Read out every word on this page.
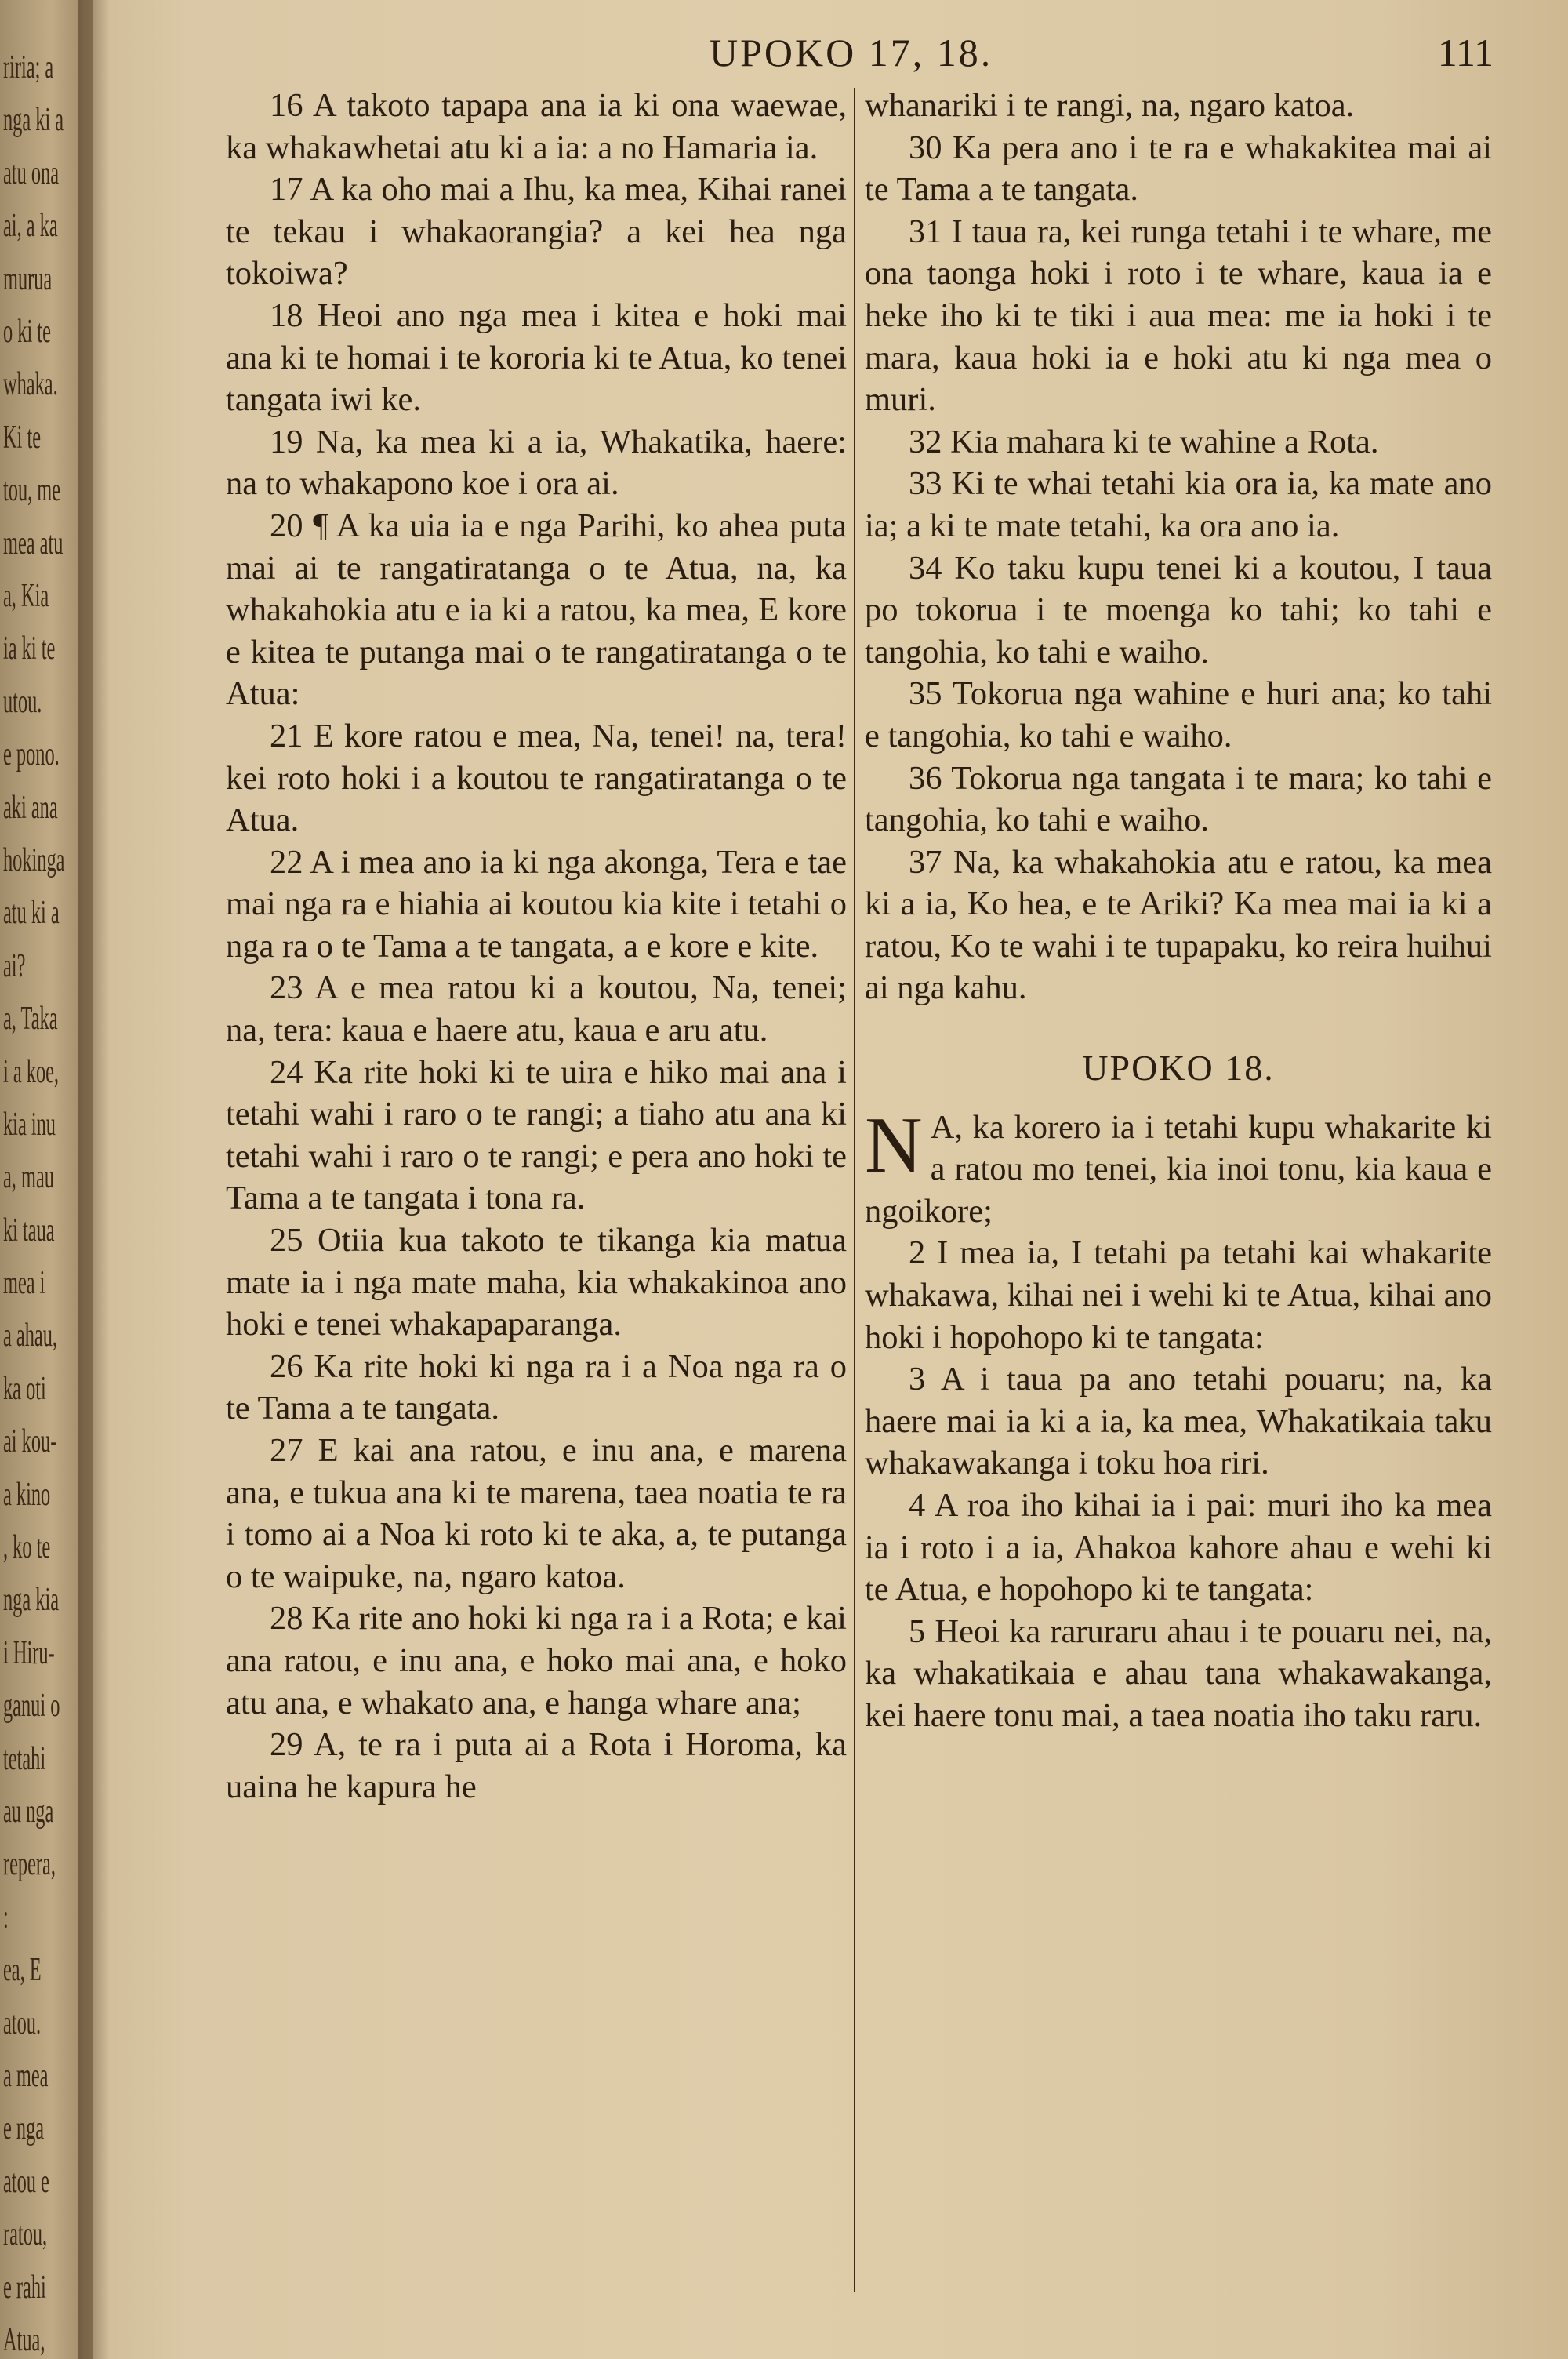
riria; a
nga ki a
atu ona
ai, a ka
murua
o ki te
whaka.
Ki te
tou, me
mea atu
a, Kia
ia ki te
utou.
e pono.
aki ana
hokinga
atu ki a
ai?
a, Taka
i a koe,
kia inu
a, mau
ki taua
mea i
a ahau,
ka oti
ai kou-
a kino
, ko te
nga kia
i Hiru-
ganui o
tetahi
au nga
repera,
:
ea, E
atou.
a mea
e nga
atou e
ratou,
e rahi
Atua,
UPOKO 17, 18.	111

16 A takoto tapapa ana ia ki ona waewae, ka whakawhetai atu ki a ia: a no Hamaria ia.

17 A ka oho mai a Ihu, ka mea, Kihai ranei te tekau i whakaorangia? a kei hea nga tokoiwa?

18 Heoi ano nga mea i kitea e hoki mai ana ki te homai i te kororia ki te Atua, ko tenei tangata iwi ke.

19 Na, ka mea ki a ia, Whakatika, haere: na to whakapono koe i ora ai.

20 ¶ A ka uia ia e nga Parihi, ko ahea puta mai ai te rangatiratanga o te Atua, na, ka whakahokia atu e ia ki a ratou, ka mea, E kore e kitea te putanga mai o te rangatiratanga o te Atua:

21 E kore ratou e mea, Na, tenei! na, tera! kei roto hoki i a koutou te rangatiratanga o te Atua.

22 A i mea ano ia ki nga akonga, Tera e tae mai nga ra e hiahia ai koutou kia kite i tetahi o nga ra o te Tama a te tangata, a e kore e kite.

23 A e mea ratou ki a koutou, Na, tenei; na, tera: kaua e haere atu, kaua e aru atu.

24 Ka rite hoki ki te uira e hiko mai ana i tetahi wahi i raro o te rangi; a tiaho atu ana ki tetahi wahi i raro o te rangi; e pera ano hoki te Tama a te tangata i tona ra.

25 Otiia kua takoto te tikanga kia matua mate ia i nga mate maha, kia whakakinoa ano hoki e tenei whakapaparanga.

26 Ka rite hoki ki nga ra i a Noa nga ra o te Tama a te tangata.

27 E kai ana ratou, e inu ana, e marena ana, e tukua ana ki te marena, taea noatia te ra i tomo ai a Noa ki roto ki te aka, a, te putanga o te waipuke, na, ngaro katoa.

28 Ka rite ano hoki ki nga ra i a Rota; e kai ana ratou, e inu ana, e hoko mai ana, e hoko atu ana, e whakato ana, e hanga whare ana;

29 A, te ra i puta ai a Rota i Horoma, ka uaina he kapura he

whanariki i te rangi, na, ngaro katoa.

30 Ka pera ano i te ra e whakakitea mai ai te Tama a te tangata.

31 I taua ra, kei runga tetahi i te whare, me ona taonga hoki i roto i te whare, kaua ia e heke iho ki te tiki i aua mea: me ia hoki i te mara, kaua hoki ia e hoki atu ki nga mea o muri.

32 Kia mahara ki te wahine a Rota.

33 Ki te whai tetahi kia ora ia, ka mate ano ia; a ki te mate tetahi, ka ora ano ia.

34 Ko taku kupu tenei ki a koutou, I taua po tokorua i te moenga ko tahi; ko tahi e tangohia, ko tahi e waiho.

35 Tokorua nga wahine e huri ana; ko tahi e tangohia, ko tahi e waiho.

36 Tokorua nga tangata i te mara; ko tahi e tangohia, ko tahi e waiho.

37 Na, ka whakahokia atu e ratou, ka mea ki a ia, Ko hea, e te Ariki? Ka mea mai ia ki a ratou, Ko te wahi i te tupapaku, ko reira huihui ai nga kahu.

UPOKO 18.

N A, ka korero ia i tetahi kupu whakarite ki a ratou mo tenei, kia inoi tonu, kia kaua e ngoikore;

2 I mea ia, I tetahi pa tetahi kai whakarite whakawa, kihai nei i wehi ki te Atua, kihai ano hoki i hopohopo ki te tangata:

3 A i taua pa ano tetahi pouaru; na, ka haere mai ia ki a ia, ka mea, Whakatikaia taku whakawakanga i toku hoa riri.

4 A roa iho kihai ia i pai: muri iho ka mea ia i roto i a ia, Ahakoa kahore ahau e wehi ki te Atua, e hopohopo ki te tangata:

5 Heoi ka raruraru ahau i te pouaru nei, na, ka whakatikaia e ahau tana whakawakanga, kei haere tonu mai, a taea noatia iho taku raru.
